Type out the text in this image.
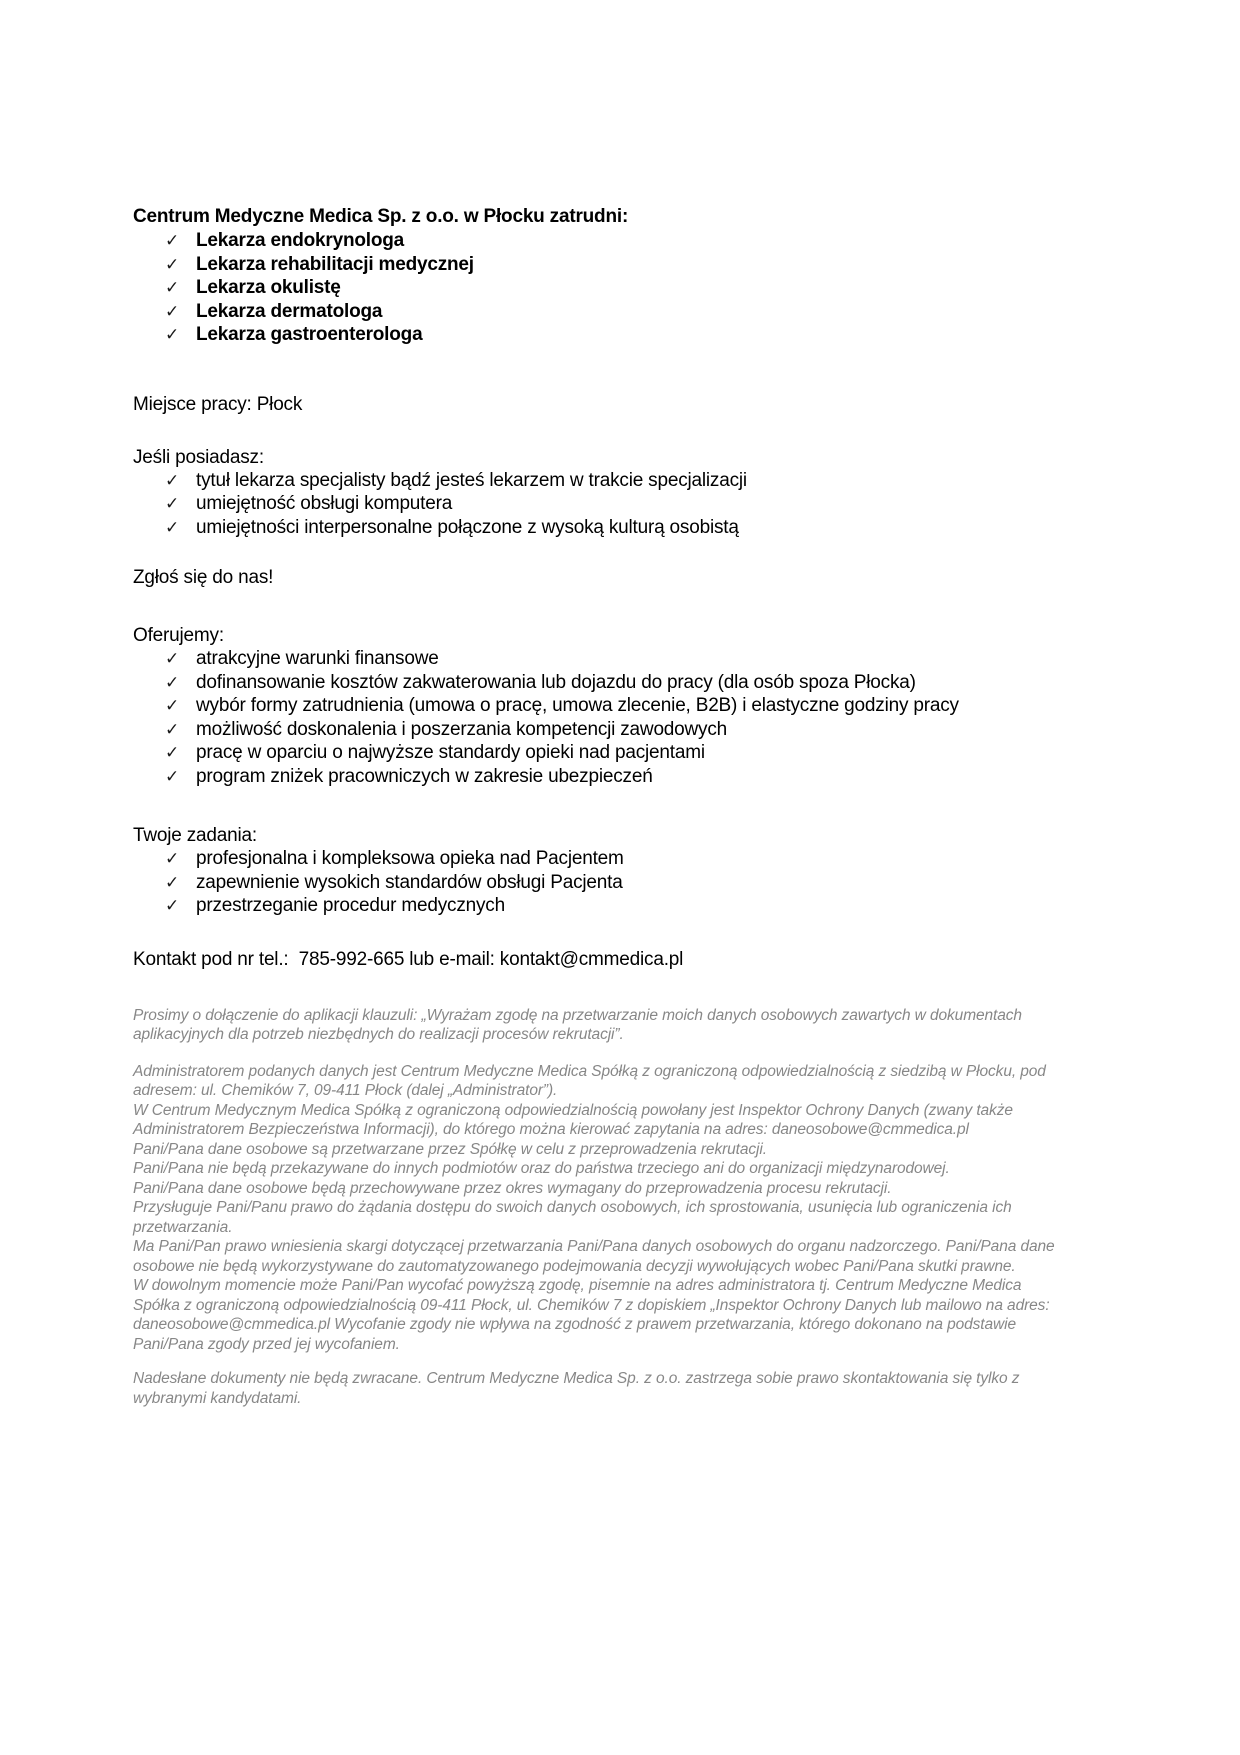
Centrum Medyczne Medica Sp. z o.o. w Płocku zatrudni:
✓ Lekarza endokrynologa
✓ Lekarza rehabilitacji medycznej
✓ Lekarza okulistę
✓ Lekarza dermatologa
✓ Lekarza gastroenterologa

Miejsce pracy: Płock

Jeśli posiadasz:

✓ tytuł lekarza specjalisty bądź jesteś lekarzem w trakcie specjalizacji
✓ umiejętność obsługi komputera
✓ umiejętności interpersonalne połączone z wysoką kulturą osobistą

Zgłoś się do nas!

Oferujemy:

✓ atrakcyjne warunki finansowe
✓ dofinansowanie kosztów zakwaterowania lub dojazdu do pracy (dla osób spoza Płocka)
✓ wybór formy zatrudnienia (umowa o pracę, umowa zlecenie, B2B) i elastyczne godziny pracy
✓ możliwość doskonalenia i poszerzania kompetencji zawodowych
✓ pracę w oparciu o najwyższe standardy opieki nad pacjentami
✓ program zniżek pracowniczych w zakresie ubezpieczeń

Twoje zadania:

✓ profesjonalna i kompleksowa opieka nad Pacjentem
✓ zapewnienie wysokich standardów obsługi Pacjenta
✓ przestrzeganie procedur medycznych

Kontakt pod nr tel.:  785-992-665 lub e-mail: kontakt@cmmedica.pl

Prosimy o dołączenie do aplikacji klauzuli: „Wyrażam zgodę na przetwarzanie moich danych osobowych zawartych w dokumentach aplikacyjnych dla potrzeb niezbędnych do realizacji procesów rekrutacji”.

Administratorem podanych danych jest Centrum Medyczne Medica Spółką z ograniczoną odpowiedzialnością z siedzibą w Płocku, pod adresem: ul. Chemików 7, 09-411 Płock (dalej „Administrator”).

W Centrum Medycznym Medica Spółką z ograniczoną odpowiedzialnością powołany jest Inspektor Ochrony Danych (zwany także Administratorem Bezpieczeństwa Informacji), do którego można kierować zapytania na adres: daneosobowe@cmmedica.pl

Pani/Pana dane osobowe są przetwarzane przez Spółkę w celu z przeprowadzenia rekrutacji.

Pani/Pana nie będą przekazywane do innych podmiotów oraz do państwa trzeciego ani do organizacji międzynarodowej.

Pani/Pana dane osobowe będą przechowywane przez okres wymagany do przeprowadzenia procesu rekrutacji.

Przysługuje Pani/Panu prawo do żądania dostępu do swoich danych osobowych, ich sprostowania, usunięcia lub ograniczenia ich przetwarzania.

Ma Pani/Pan prawo wniesienia skargi dotyczącej przetwarzania Pani/Pana danych osobowych do organu nadzorczego. Pani/Pana dane osobowe nie będą wykorzystywane do zautomatyzowanego podejmowania decyzji wywołujących wobec Pani/Pana skutki prawne.

W dowolnym momencie może Pani/Pan wycofać powyższą zgodę, pisemnie na adres administratora tj. Centrum Medyczne Medica Spółka z ograniczoną odpowiedzialnością 09-411 Płock, ul. Chemików 7 z dopiskiem „Inspektor Ochrony Danych lub mailowo na adres: daneosobowe@cmmedica.pl Wycofanie zgody nie wpływa na zgodność z prawem przetwarzania, którego dokonano na podstawie Pani/Pana zgody przed jej wycofaniem.

Nadesłane dokumenty nie będą zwracane. Centrum Medyczne Medica Sp. z o.o. zastrzega sobie prawo skontaktowania się tylko z wybranymi kandydatami.
